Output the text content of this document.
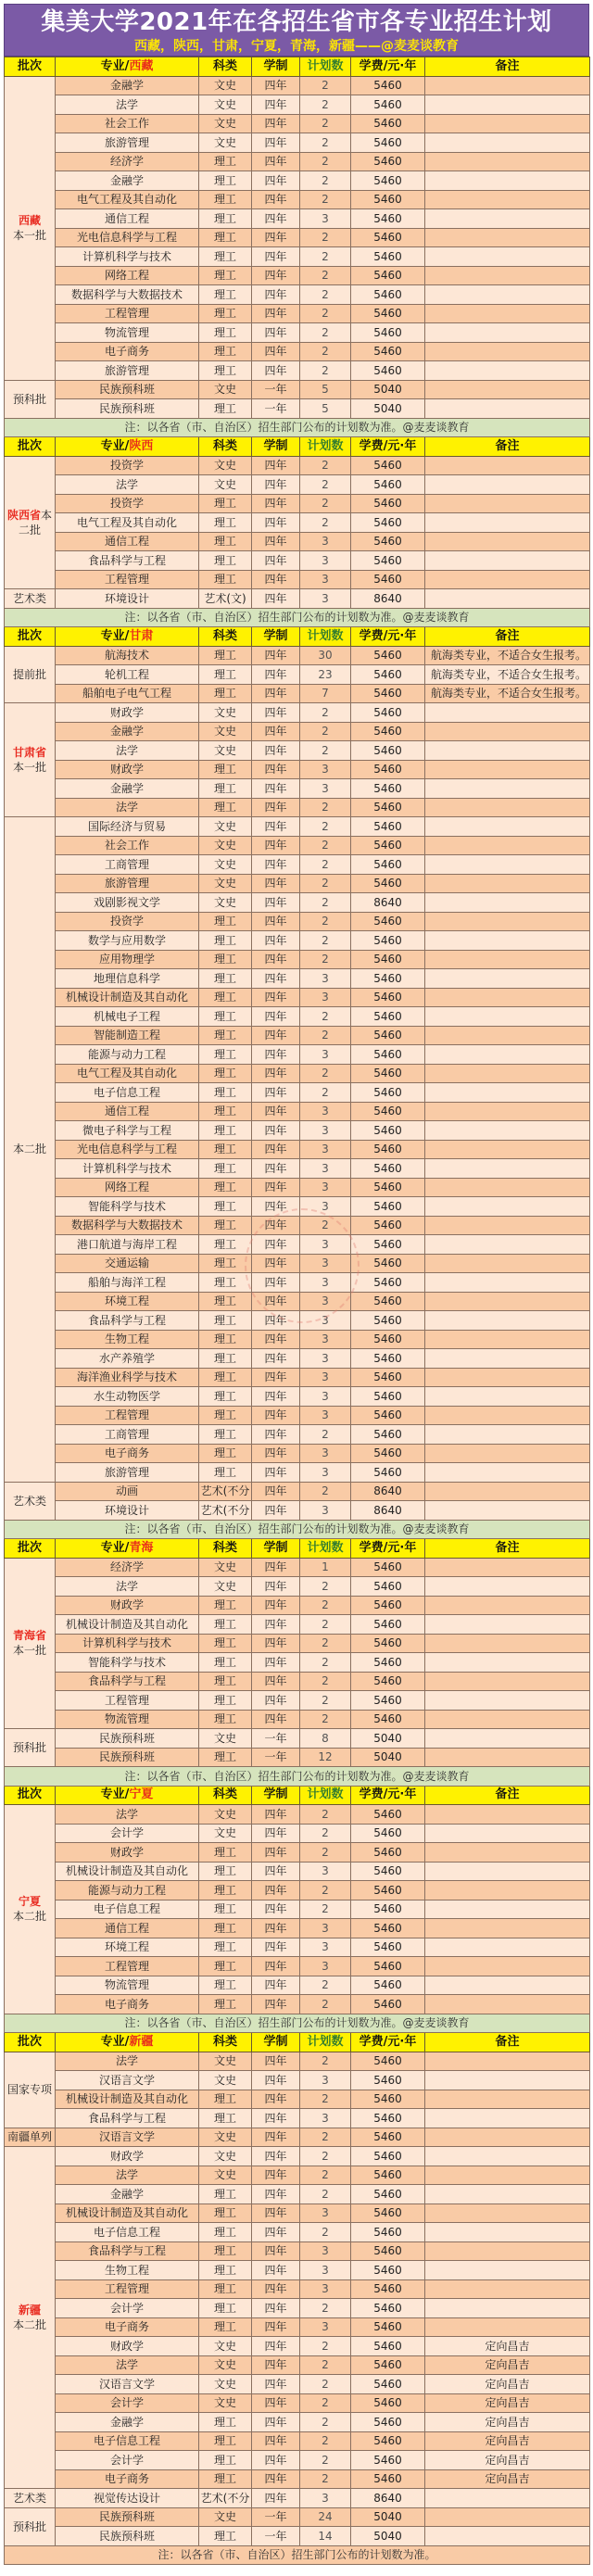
集美大学2021年在各招生省市各专业招生计划
西藏，陕西，甘肃，宁夏，青海，新疆——@麦麦谈教育
批次	专业/西藏	科类	学制	计划数	学费/元·年	备注

西藏
本一批	金融学	文史	四年	2	5460	
	法学	文史	四年	2	5460	
	社会工作	文史	四年	2	5460	
	旅游管理	文史	四年	2	5460	
	经济学	理工	四年	2	5460	
	金融学	理工	四年	2	5460	
	电气工程及其自动化	理工	四年	2	5460	
	通信工程	理工	四年	3	5460	
	光电信息科学与工程	理工	四年	2	5460	
	计算机科学与技术	理工	四年	2	5460	
	网络工程	理工	四年	2	5460	
	数据科学与大数据技术	理工	四年	2	5460	
	工程管理	理工	四年	2	5460	
	物流管理	理工	四年	2	5460	
	电子商务	理工	四年	2	5460	
	旅游管理	理工	四年	2	5460	
预科批	民族预科班	文史	一年	5	5040	
	民族预科班	理工	一年	5	5040	
注：以各省（市、自治区）招生部门公布的计划数为准。@麦麦谈教育						
批次	专业/陕西	科类	学制	计划数	学费/元·年	备注
陕西省本二批	投资学	文史	四年	2	5460	
	法学	文史	四年	2	5460	
	投资学	理工	四年	2	5460	
	电气工程及其自动化	理工	四年	2	5460	
	通信工程	理工	四年	3	5460	
	食品科学与工程	理工	四年	3	5460	
	工程管理	理工	四年	3	5460	
艺术类	环境设计	艺术(文)	四年	3	8640	
注：以各省（市、自治区）招生部门公布的计划数为准。@麦麦谈教育						
批次	专业/甘肃	科类	学制	计划数	学费/元·年	备注
提前批	航海技术	理工	四年	30	5460	航海类专业，不适合女生报考。
	轮机工程	理工	四年	23	5460	航海类专业，不适合女生报考。
	船舶电子电气工程	理工	四年	7	5460	航海类专业，不适合女生报考。

甘肃省
本一批	财政学	文史	四年	2	5460	
	金融学	文史	四年	2	5460	
	法学	文史	四年	2	5460	
	财政学	理工	四年	3	5460	
	金融学	理工	四年	3	5460	
	法学	理工	四年	2	5460	
本二批	国际经济与贸易	文史	四年	2	5460	
	社会工作	文史	四年	2	5460	
	工商管理	文史	四年	2	5460	
	旅游管理	文史	四年	2	5460	
	戏剧影视文学	文史	四年	2	8640	
	投资学	理工	四年	2	5460	
	数学与应用数学	理工	四年	2	5460	
	应用物理学	理工	四年	2	5460	
	地理信息科学	理工	四年	3	5460	
	机械设计制造及其自动化	理工	四年	3	5460	
	机械电子工程	理工	四年	2	5460	
	智能制造工程	理工	四年	2	5460	
	能源与动力工程	理工	四年	3	5460	
	电气工程及其自动化	理工	四年	2	5460	
	电子信息工程	理工	四年	2	5460	
	通信工程	理工	四年	3	5460	
	微电子科学与工程	理工	四年	3	5460	
	光电信息科学与工程	理工	四年	3	5460	
	计算机科学与技术	理工	四年	3	5460	
	网络工程	理工	四年	3	5460	
	智能科学与技术	理工	四年	3	5460	
	数据科学与大数据技术	理工	四年	2	5460	
	港口航道与海岸工程	理工	四年	3	5460	
	交通运输	理工	四年	3	5460	
	船舶与海洋工程	理工	四年	3	5460	
	环境工程	理工	四年	3	5460	
	食品科学与工程	理工	四年	3	5460	
	生物工程	理工	四年	3	5460	
	水产养殖学	理工	四年	3	5460	
	海洋渔业科学与技术	理工	四年	3	5460	
	水生动物医学	理工	四年	3	5460	
	工程管理	理工	四年	3	5460	
	工商管理	理工	四年	2	5460	
	电子商务	理工	四年	3	5460	
	旅游管理	理工	四年	3	5460	
艺术类	动画	艺术(不分	四年	2	8640	
	环境设计	艺术(不分	四年	3	8640	
注：以各省（市、自治区）招生部门公布的计划数为准。@麦麦谈教育						
批次	专业/青海	科类	学制	计划数	学费/元·年	备注

青海省
本一批	经济学	文史	四年	1	5460	
	法学	文史	四年	2	5460	
	财政学	理工	四年	2	5460	
	机械设计制造及其自动化	理工	四年	2	5460	
	计算机科学与技术	理工	四年	2	5460	
	智能科学与技术	理工	四年	2	5460	
	食品科学与工程	理工	四年	2	5460	
	工程管理	理工	四年	2	5460	
	物流管理	理工	四年	2	5460	
预科批	民族预科班	文史	一年	8	5040	
	民族预科班	理工	一年	12	5040	
注：以各省（市、自治区）招生部门公布的计划数为准。@麦麦谈教育						
批次	专业/宁夏	科类	学制	计划数	学费/元·年	备注

宁夏
本二批	法学	文史	四年	2	5460	
	会计学	文史	四年	2	5460	
	财政学	理工	四年	2	5460	
	机械设计制造及其自动化	理工	四年	3	5460	
	能源与动力工程	理工	四年	2	5460	
	电子信息工程	理工	四年	2	5460	
	通信工程	理工	四年	3	5460	
	环境工程	理工	四年	3	5460	
	工程管理	理工	四年	3	5460	
	物流管理	理工	四年	2	5460	
	电子商务	理工	四年	2	5460	
注：以各省（市、自治区）招生部门公布的计划数为准。@麦麦谈教育						
批次	专业/新疆	科类	学制	计划数	学费/元·年	备注
国家专项	法学	文史	四年	2	5460	
	汉语言文学	文史	四年	3	5460	
	机械设计制造及其自动化	理工	四年	2	5460	
	食品科学与工程	理工	四年	3	5460	
南疆单列	汉语言文学	文史	四年	2	5460	

新疆
本二批	财政学	文史	四年	2	5460	
	法学	文史	四年	2	5460	
	金融学	理工	四年	2	5460	
	机械设计制造及其自动化	理工	四年	3	5460	
	电子信息工程	理工	四年	2	5460	
	食品科学与工程	理工	四年	3	5460	
	生物工程	理工	四年	3	5460	
	工程管理	理工	四年	3	5460	
	会计学	理工	四年	2	5460	
	电子商务	理工	四年	3	5460	
	财政学	文史	四年	2	5460	定向昌吉
	法学	文史	四年	2	5460	定向昌吉
	汉语言文学	文史	四年	2	5460	定向昌吉
	会计学	文史	四年	2	5460	定向昌吉
	金融学	理工	四年	2	5460	定向昌吉
	电子信息工程	理工	四年	2	5460	定向昌吉
	会计学	理工	四年	2	5460	定向昌吉
	电子商务	理工	四年	2	5460	定向昌吉
艺术类	视觉传达设计	艺术(不分	四年	3	8640	
预科批	民族预科班	文史	一年	24	5040	
	民族预科班	理工	一年	14	5040	
注：以各省（市、自治区）招生部门公布的计划数为准。						
